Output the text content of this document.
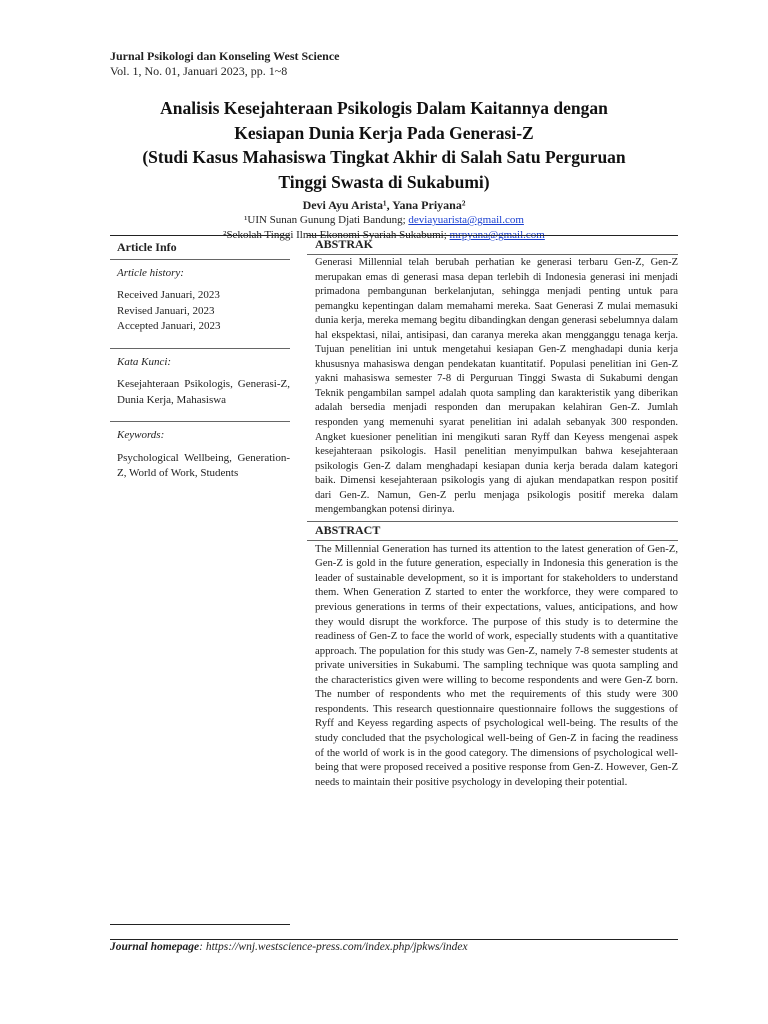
Jurnal Psikologi dan Konseling West Science
Vol. 1, No. 01, Januari 2023, pp. 1~8
Analisis Kesejahteraan Psikologis Dalam Kaitannya dengan
Kesiapan Dunia Kerja Pada Generasi-Z
(Studi Kasus Mahasiswa Tingkat Akhir di Salah Satu Perguruan
Tinggi Swasta di Sukabumi)
Devi Ayu Arista¹, Yana Priyana²
¹UIN Sunan Gunung Djati Bandung; deviayuarista@gmail.com
²Sekolah Tinggi Ilmu Ekonomi Syariah Sukabumi; mrpyana@gmail.com
Article Info
Article history:
Received Januari, 2023
Revised Januari, 2023
Accepted Januari, 2023
Kata Kunci:
Kesejahteraan Psikologis, Generasi-Z, Dunia Kerja, Mahasiswa
Keywords:
Psychological Wellbeing, Generation-Z, World of Work, Students
ABSTRAK

Generasi Millennial telah berubah perhatian ke generasi terbaru Gen-Z, Gen-Z merupakan emas di generasi masa depan terlebih di Indonesia generasi ini menjadi primadona pembangunan berkelanjutan, sehingga menjadi penting untuk para pemangku kepentingan dalam memahami mereka. Saat Generasi Z mulai memasuki dunia kerja, mereka memang begitu dibandingkan dengan generasi sebelumnya dalam hal ekspektasi, nilai, antisipasi, dan caranya mereka akan mengganggu tenaga kerja. Tujuan penelitian ini untuk mengetahui kesiapan Gen-Z menghadapi dunia kerja khususnya mahasiswa dengan pendekatan kuantitatif. Populasi penelitian ini Gen-Z yakni mahasiswa semester 7-8 di Perguruan Tinggi Swasta di Sukabumi dengan Teknik pengambilan sampel adalah quota sampling dan karakteristik yang diberikan adalah bersedia menjadi responden dan merupakan kelahiran Gen-Z. Jumlah responden yang memenuhi syarat penelitian ini adalah sebanyak 300 responden. Angket kuesioner penelitian ini mengikuti saran Ryff dan Keyess mengenai aspek kesejahteraan psikologis. Hasil penelitian menyimpulkan bahwa kesejahteraan psikologis Gen-Z dalam menghadapi kesiapan dunia kerja berada dalam kategori baik. Dimensi kesejahteraan psikologis yang di ajukan mendapatkan respon positif dari Gen-Z. Namun, Gen-Z perlu menjaga psikologis positif mereka dalam mengembangkan potensi dirinya.

ABSTRACT

The Millennial Generation has turned its attention to the latest generation of Gen-Z, Gen-Z is gold in the future generation, especially in Indonesia this generation is the leader of sustainable development, so it is important for stakeholders to understand them. When Generation Z started to enter the workforce, they were compared to previous generations in terms of their expectations, values, anticipations, and how they would disrupt the workforce. The purpose of this study is to determine the readiness of Gen-Z to face the world of work, especially students with a quantitative approach. The population for this study was Gen-Z, namely 7-8 semester students at private universities in Sukabumi. The sampling technique was quota sampling and the characteristics given were willing to become respondents and were Gen-Z born. The number of respondents who met the requirements of this study were 300 respondents. This research questionnaire questionnaire follows the suggestions of Ryff and Keyess regarding aspects of psychological well-being. The results of the study concluded that the psychological well-being of Gen-Z in facing the readiness of the world of work is in the good category. The dimensions of psychological well-being that were proposed received a positive response from Gen-Z. However, Gen-Z needs to maintain their positive psychology in developing their potential.

Journal homepage: https://wnj.westscience-press.com/index.php/jpkws/index
